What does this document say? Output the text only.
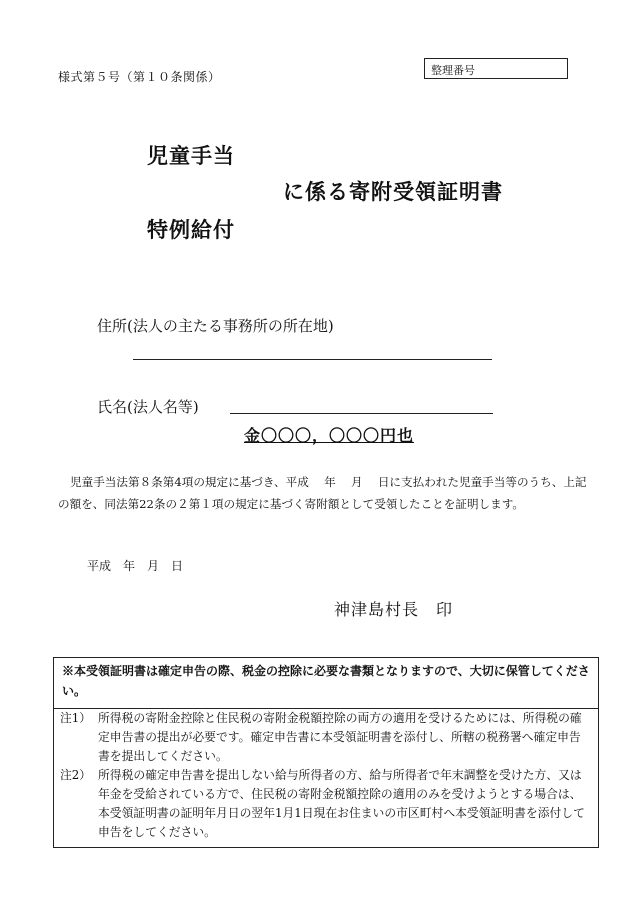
様式第５号（第１０条関係）	整理番号
児童手当
に係る寄附受領証明書
特例給付
住所(法人の主たる事務所の所在地)
氏名(法人名等)
金〇〇〇，〇〇〇円也
児童手当法第８条第4項の規定に基づき、平成　 年　 月　 日に支払われた児童手当等のうち、上記の額を、同法第22条の２第１項の規定に基づく寄附額として受領したことを証明します。
平成　年　月　日
神津島村長　印
※本受領証明書は確定申告の際、税金の控除に必要な書類となりますので、大切に保管してください。
注1） 所得税の寄附金控除と住民税の寄附金税額控除の両方の適用を受けるためには、所得税の確定申告書の提出が必要です。確定申告書に本受領証明書を添付し、所轄の税務署へ確定申告書を提出してください。
注2） 所得税の確定申告書を提出しない給与所得者の方、給与所得者で年末調整を受けた方、又は年金を受給されている方で、住民税の寄附金税額控除の適用のみを受けようとする場合は、本受領証明書の証明年月日の翌年1月1日現在お住まいの市区町村へ本受領証明書を添付して申告をしてください。
